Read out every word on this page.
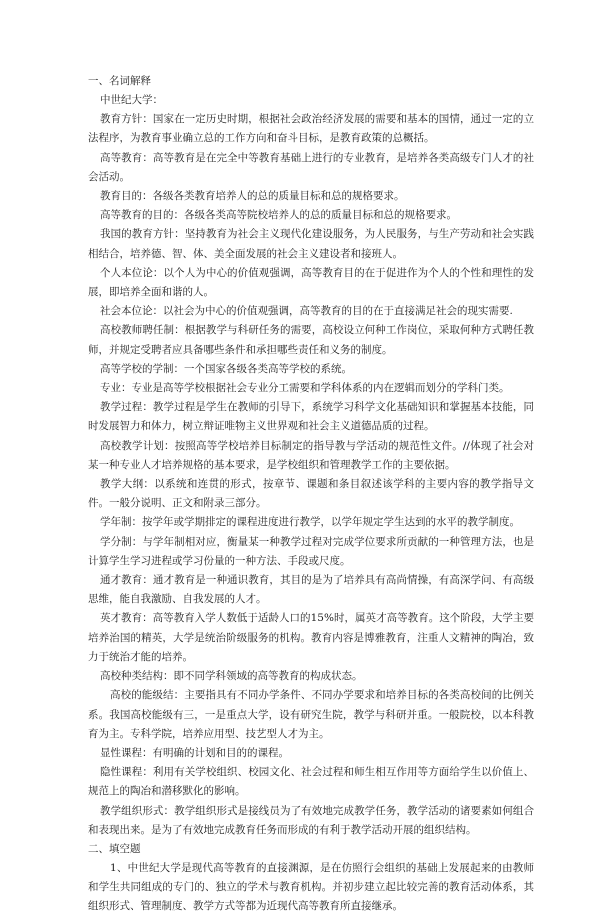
一、名词解释

中世纪大学：

教育方针：国家在一定历史时期，根据社会政治经济发展的需要和基本的国情，通过一定的立法程序，为教育事业确立总的工作方向和奋斗目标，是教育政策的总概括。

高等教育：高等教育是在完全中等教育基础上进行的专业教育，是培养各类高级专门人才的社会活动。

教育目的：各级各类教育培养人的总的质量目标和总的规格要求。

高等教育的目的：各级各类高等院校培养人的总的质量目标和总的规格要求。

我国的教育方针：坚持教育为社会主义现代化建设服务，为人民服务，与生产劳动和社会实践相结合，培养德、智、体、美全面发展的社会主义建设者和接班人。

个人本位论：以个人为中心的价值观强调，高等教育目的在于促进作为个人的个性和理性的发展，即培养全面和谐的人。

社会本位论：以社会为中心的价值观强调，高等教育的目的在于直接满足社会的现实需要.

高校教师聘任制：根据教学与科研任务的需要，高校设立何种工作岗位，采取何种方式聘任教师，并规定受聘者应具备哪些条件和承担哪些责任和义务的制度。

高等学校的学制：一个国家各级各类高等学校的系统。

专业：专业是高等学校根据社会专业分工需要和学科体系的内在逻辑而划分的学科门类。

教学过程：教学过程是学生在教师的引导下，系统学习科学文化基础知识和掌握基本技能，同时发展智力和体力，树立辩证唯物主义世界观和社会主义道德品质的过程。

高校教学计划：按照高等学校培养目标制定的指导教与学活动的规范性文件。//体现了社会对某一种专业人才培养规格的基本要求，是学校组织和管理教学工作的主要依据。

教学大纲：以系统和连贯的形式，按章节、课题和条目叙述该学科的主要内容的教学指导文件。一般分说明、正文和附录三部分。

学年制：按学年或学期排定的课程进度进行教学，以学年规定学生达到的水平的教学制度。

学分制：与学年制相对应，衡量某一种教学过程对完成学位要求所贡献的一种管理方法，也是计算学生学习进程或学习份量的一种方法、手段或尺度。

通才教育：通才教育是一种通识教育，其目的是为了培养具有高尚情操，有高深学问、有高级思维，能自我激励、自我发展的人才。

英才教育：高等教育入学人数低于适龄人口的15%时，属英才高等教育。这个阶段，大学主要培养治国的精英，大学是统治阶级服务的机构。教育内容是博雅教育，注重人文精神的陶冶，致力于统治才能的培养。

高校种类结构：即不同学科领域的高等教育的构成状态。

高校的能级结：主要指具有不同办学条件、不同办学要求和培养目标的各类高校间的比例关系。我国高校能级有三，一是重点大学，设有研究生院，教学与科研并重。一般院校，以本科教育为主。专科学院，培养应用型、技艺型人才为主。

显性课程：有明确的计划和目的的课程。

隐性课程：利用有关学校组织、校园文化、社会过程和师生相互作用等方面给学生以价值上、规范上的陶冶和潜移默化的影响。

教学组织形式：教学组织形式是接线员为了有效地完成教学任务，教学活动的诸要素如何组合和表现出来。是为了有效地完成教育任务而形成的有利于教学活动开展的组织结构。

二、填空题

1、中世纪大学是现代高等教育的直接渊源，是在仿照行会组织的基础上发展起来的由教师和学生共同组成的专门的、独立的学术与教育机构。并初步建立起比较完善的教育活动体系，其组织形式、管理制度、教学方式等都为近现代高等教育所直接继承。
